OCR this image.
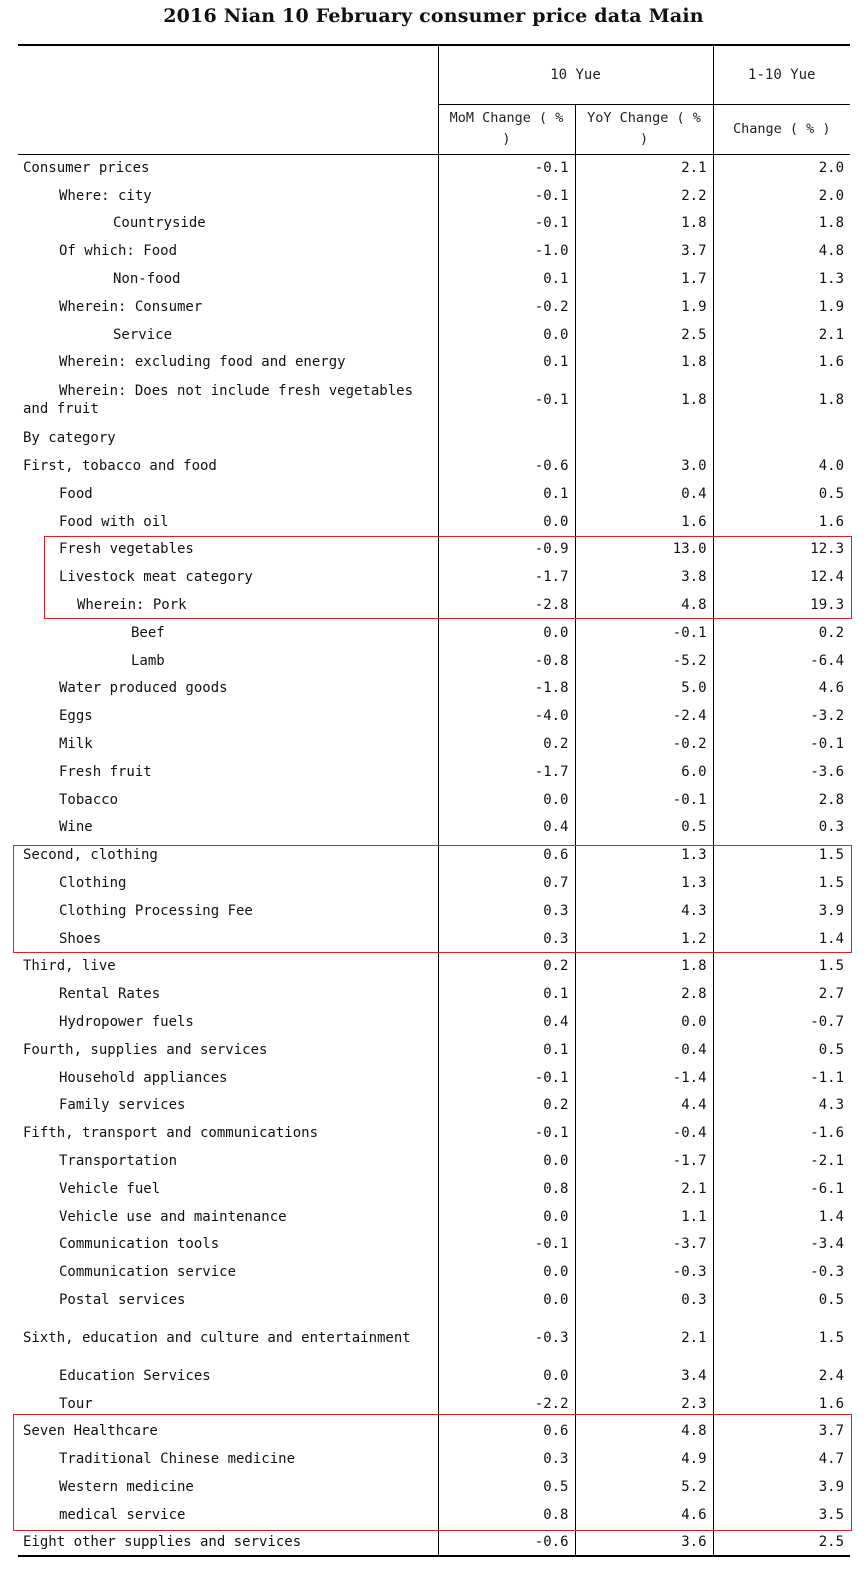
2016 Nian 10 February consumer price data Main
	10 Yue		1-10 Yue
	MoM Change ( % )	YoY Change ( % )	Change ( % )
Consumer prices	-0.1	2.1	2.0
Where: city	-0.1	2.2	2.0
Countryside	-0.1	1.8	1.8
Of which: Food	-1.0	3.7	4.8
Non-food	0.1	1.7	1.3
Wherein: Consumer	-0.2	1.9	1.9
Service	0.0	2.5	2.1
Wherein: excluding food and energy	0.1	1.8	1.6

Wherein: Does not include fresh vegetables and fruit	-0.1	1.8	1.8
By category			
First, tobacco and food	-0.6	3.0	4.0
Food	0.1	0.4	0.5
Food with oil	0.0	1.6	1.6
Fresh vegetables	-0.9	13.0	12.3
Livestock meat category	-1.7	3.8	12.4
Wherein: Pork	-2.8	4.8	19.3
Beef	0.0	-0.1	0.2
Lamb	-0.8	-5.2	-6.4
Water produced goods	-1.8	5.0	4.6
Eggs	-4.0	-2.4	-3.2
Milk	0.2	-0.2	-0.1
Fresh fruit	-1.7	6.0	-3.6
Tobacco	0.0	-0.1	2.8
Wine	0.4	0.5	0.3
Second, clothing	0.6	1.3	1.5
Clothing	0.7	1.3	1.5
Clothing Processing Fee	0.3	4.3	3.9
Shoes	0.3	1.2	1.4
Third, live	0.2	1.8	1.5
Rental Rates	0.1	2.8	2.7
Hydropower fuels	0.4	0.0	-0.7
Fourth, supplies and services	0.1	0.4	0.5
Household appliances	-0.1	-1.4	-1.1
Family services	0.2	4.4	4.3
Fifth, transport and communications	-0.1	-0.4	-1.6
Transportation	0.0	-1.7	-2.1
Vehicle fuel	0.8	2.1	-6.1
Vehicle use and maintenance	0.0	1.1	1.4
Communication tools	-0.1	-3.7	-3.4
Communication service	0.0	-0.3	-0.3
Postal services	0.0	0.3	0.5

Sixth, education and culture and entertainment	-0.3	2.1	1.5
Education Services	0.0	3.4	2.4
Tour	-2.2	2.3	1.6
Seven Healthcare	0.6	4.8	3.7
Traditional Chinese medicine	0.3	4.9	4.7
Western medicine	0.5	5.2	3.9
medical service	0.8	4.6	3.5
Eight other supplies and services	-0.6	3.6	2.5
